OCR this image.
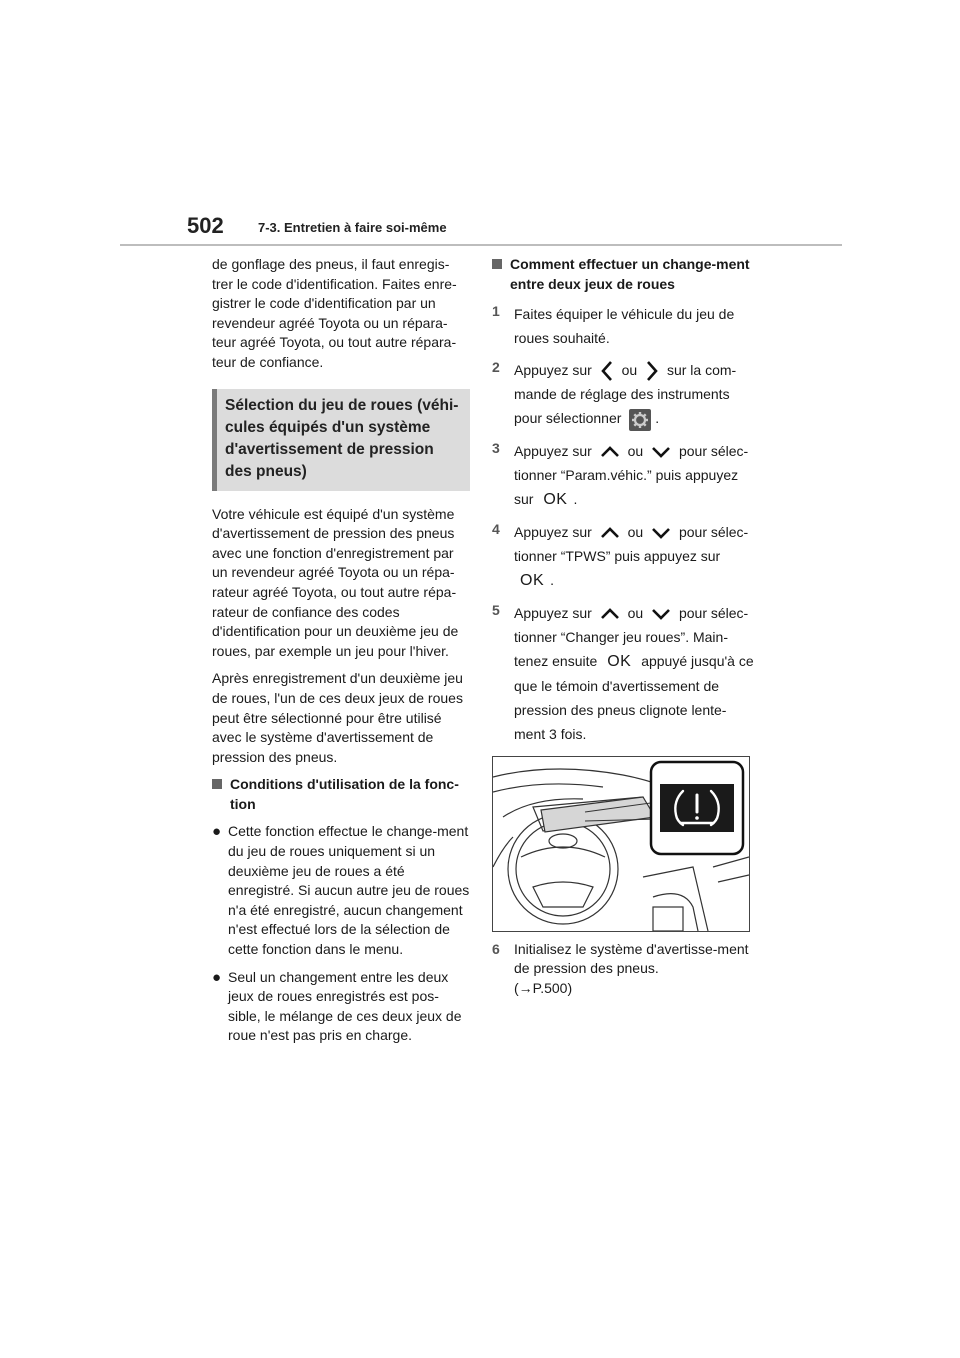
502	7-3. Entretien à faire soi-même

de gonflage des pneus, il faut enregis-trer le code d'identification. Faites enre-gistrer le code d'identification par un revendeur agréé Toyota ou un répara-teur agréé Toyota, ou tout autre répara-teur de confiance.

Sélection du jeu de roues (véhi-cules équipés d'un système d'avertissement de pression des pneus)

Votre véhicule est équipé d'un système d'avertissement de pression des pneus avec une fonction d'enregistrement par un revendeur agréé Toyota ou un répa-rateur agréé Toyota, ou tout autre répa-rateur de confiance des codes d'identification pour un deuxième jeu de roues, par exemple un jeu pour l'hiver.

Après enregistrement d'un deuxième jeu de roues, l'un de ces deux jeux de roues peut être sélectionné pour être utilisé avec le système d'avertissement de pression des pneus.

Conditions d'utilisation de la fonc-tion
● Cette fonction effectue le change-ment du jeu de roues uniquement si un deuxième jeu de roues a été enregistré. Si aucun autre jeu de roues n'a été enregistré, aucun changement n'est effectué lors de la sélection de cette fonction dans le menu.
● Seul un changement entre les deux jeux de roues enregistrés est pos-sible, le mélange de ces deux jeux de roue n'est pas pris en charge.
Comment effectuer un change-ment entre deux jeux de roues
1	Faites équiper le véhicule du jeu de roues souhaité.
2	Appuyez sur ou sur la com-mande de réglage des instruments pour sélectionner .
3	Appuyez sur	ou	pour sélec-tionner “Param.véhic.” puis appuyez sur OK .
4	Appuyez sur	ou	pour sélec-tionner “TPWS” puis appuyez sur OK .
5	Appuyez sur	ou	pour sélec-tionner “Changer jeu roues”. Main-tenez ensuite OK appuyé jusqu'à ce que le témoin d'avertissement de pression des pneus clignote lente-ment 3 fois.
6	Initialisez le système d'avertisse-ment de pression des pneus.
(→P.500)
